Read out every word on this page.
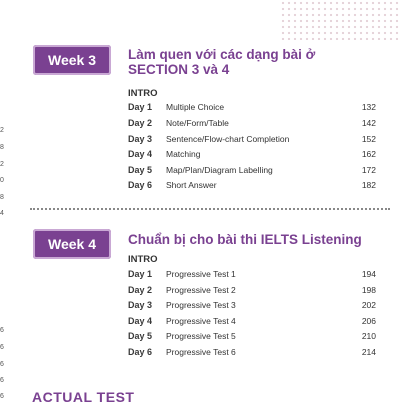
2
8
2
0
8
4
6
6
6
6
6
Week 3	Làm quen với các dạng bài ở
SECTION 3 và 4
INTRO
Day 1 Multiple Choice	132
Day 2 Note/Form/Table	142
Day 3 Sentence/Flow-chart Completion	152
Day 4 Matching	162
Day 5 Map/Plan/Diagram Labelling	172
Day 6 Short Answer	182
Week 4	Chuẩn bị cho bài thi IELTS Listening
INTRO
Day 1 Progressive Test 1	194
Day 2 Progressive Test 2	198
Day 3 Progressive Test 3	202
Day 4 Progressive Test 4	206
Day 5 Progressive Test 5	210
Day 6 Progressive Test 6	214
ACTUAL TEST
